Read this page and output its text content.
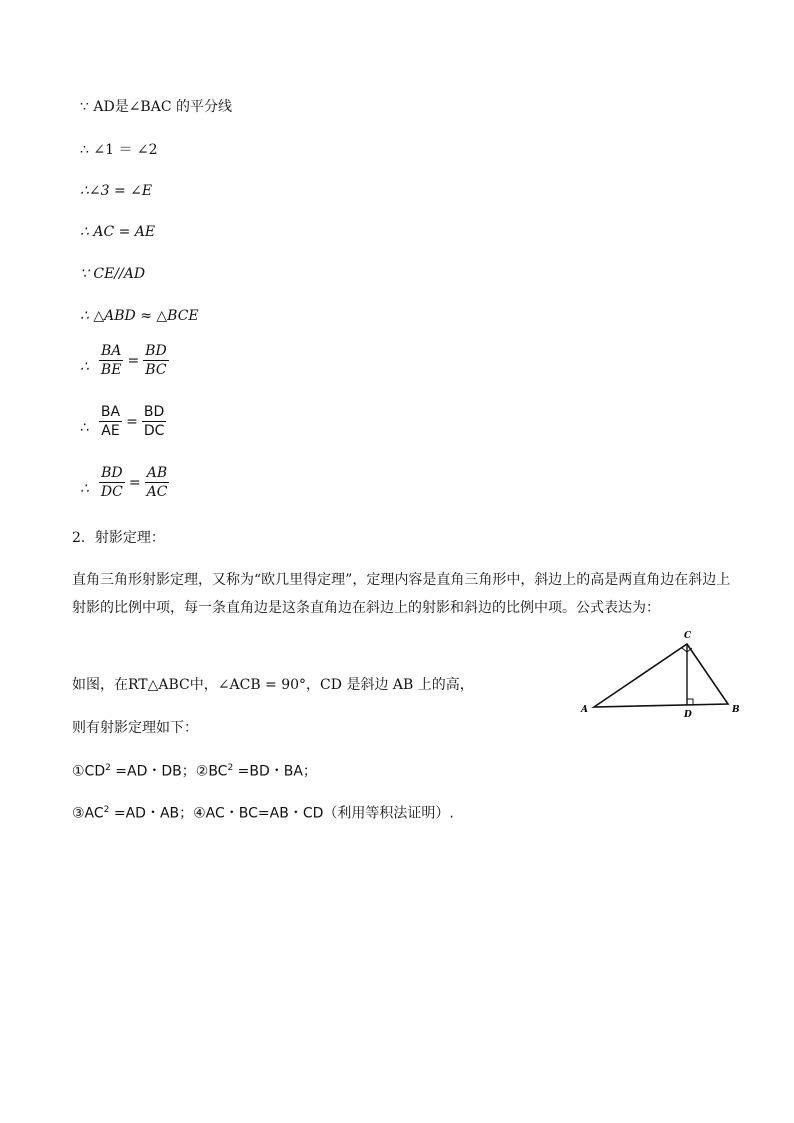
∵ AD是∠BAC 的平分线
∴ ∠1 ＝ ∠2
∴∠3 = ∠E
∴ AC = AE
∵ CE//AD
∴ △ABD ≈ △BCE
∴ $\frac{BA}{BE} = \frac{BD}{BC}$
∴ $\frac{BA}{AE} = \frac{BD}{DC}$
∴ $\frac{BD}{DC} = \frac{AB}{AC}$
2．射影定理：
直角三角形射影定理，又称为“欧几里得定理”，定理内容是直角三角形中，斜边上的高是两直角边在斜边上射影的比例中项，每一条直角边是这条直角边在斜边上的射影和斜边的比例中项。公式表达为：
如图，在RT△ABC中，∠ACB = 90°，CD 是斜边 AB 上的高，
则有射影定理如下：
$①CD^2 =AD$・DB；$②BC^2 =BD$・BA；
$③AC^2 =AD$・AB；④AC・BC=AB・CD（利用等积法证明）.
C
A	B
D
